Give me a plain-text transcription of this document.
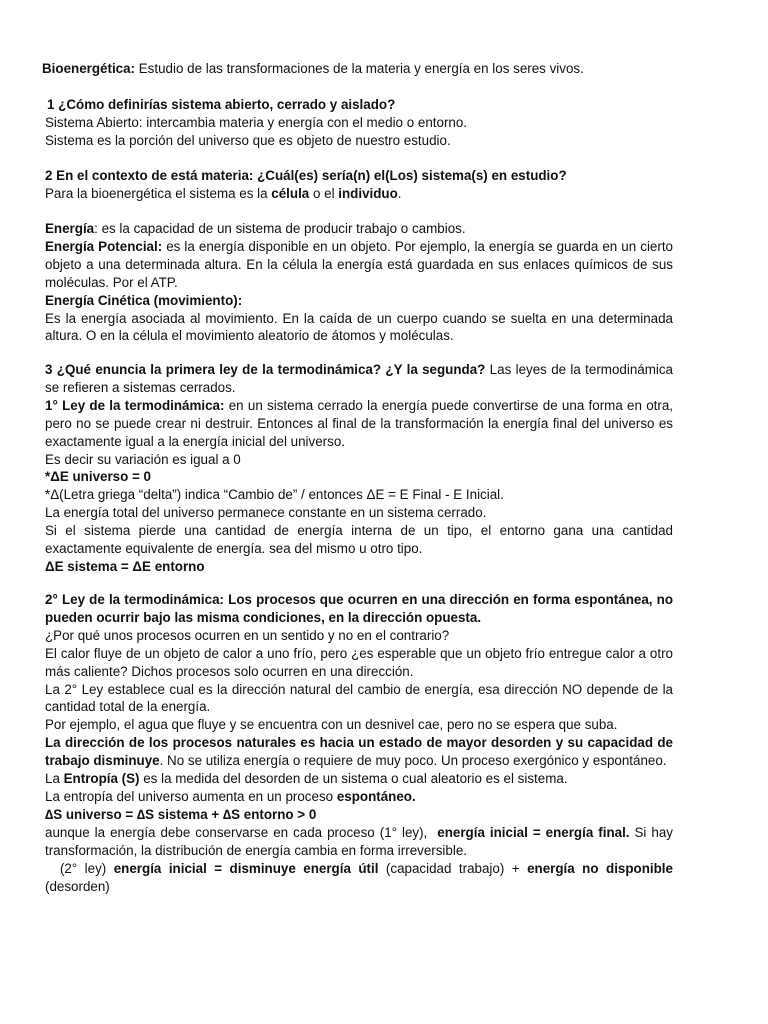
Bioenergética: Estudio de las transformaciones de la materia y energía en los seres vivos.
1 ¿Cómo definirías sistema abierto, cerrado y aislado?
Sistema Abierto: intercambia materia y energía con el medio o entorno.
Sistema es la porción del universo que es objeto de nuestro estudio.
2 En el contexto de está materia: ¿Cuál(es) sería(n) el(Los) sistema(s) en estudio?
Para la bioenergética el sistema es la célula o el individuo.
Energía: es la capacidad de un sistema de producir trabajo o cambios.
Energía Potencial: es la energía disponible en un objeto. Por ejemplo, la energía se guarda en un cierto objeto a una determinada altura. En la célula la energía está guardada en sus enlaces químicos de sus moléculas. Por el ATP.
Energía Cinética (movimiento):
Es la energía asociada al movimiento. En la caída de un cuerpo cuando se suelta en una determinada altura. O en la célula el movimiento aleatorio de átomos y moléculas.
3 ¿Qué enuncia la primera ley de la termodinámica? ¿Y la segunda? Las leyes de la termodinámica se refieren a sistemas cerrados.
1° Ley de la termodinámica: en un sistema cerrado la energía puede convertirse de una forma en otra, pero no se puede crear ni destruir. Entonces al final de la transformación la energía final del universo es exactamente igual a la energía inicial del universo.
Es decir su variación es igual a 0
*ΔE universo = 0
*Δ(Letra griega “delta”) indica “Cambio de” / entonces ΔE = E Final - E Inicial.
La energía total del universo permanece constante en un sistema cerrado.
Si el sistema pierde una cantidad de energía interna de un tipo, el entorno gana una cantidad exactamente equivalente de energía. sea del mismo u otro tipo.
ΔE sistema = ΔE entorno
2° Ley de la termodinámica: Los procesos que ocurren en una dirección en forma espontánea, no pueden ocurrir bajo las misma condiciones, en la dirección opuesta.
¿Por qué unos procesos ocurren en un sentido y no en el contrario?
El calor fluye de un objeto de calor a uno frío, pero ¿es esperable que un objeto frío entregue calor a otro más caliente? Dichos procesos solo ocurren en una dirección.
La 2° Ley establece cual es la dirección natural del cambio de energía, esa dirección NO depende de la cantidad total de la energía.
Por ejemplo, el agua que fluye y se encuentra con un desnivel cae, pero no se espera que suba.
La dirección de los procesos naturales es hacia un estado de mayor desorden y su capacidad de trabajo disminuye. No se utiliza energía o requiere de muy poco. Un proceso exergónico y espontáneo.
La Entropía (S) es la medida del desorden de un sistema o cual aleatorio es el sistema.
La entropía del universo aumenta en un proceso espontáneo.
∆S universo = ∆S sistema + ∆S entorno > 0
aunque la energía debe conservarse en cada proceso (1° ley),  energía inicial = energía final. Si hay transformación, la distribución de energía cambia en forma irreversible.
(2° ley) energía inicial = disminuye energía útil (capacidad trabajo) + energía no disponible (desorden)
